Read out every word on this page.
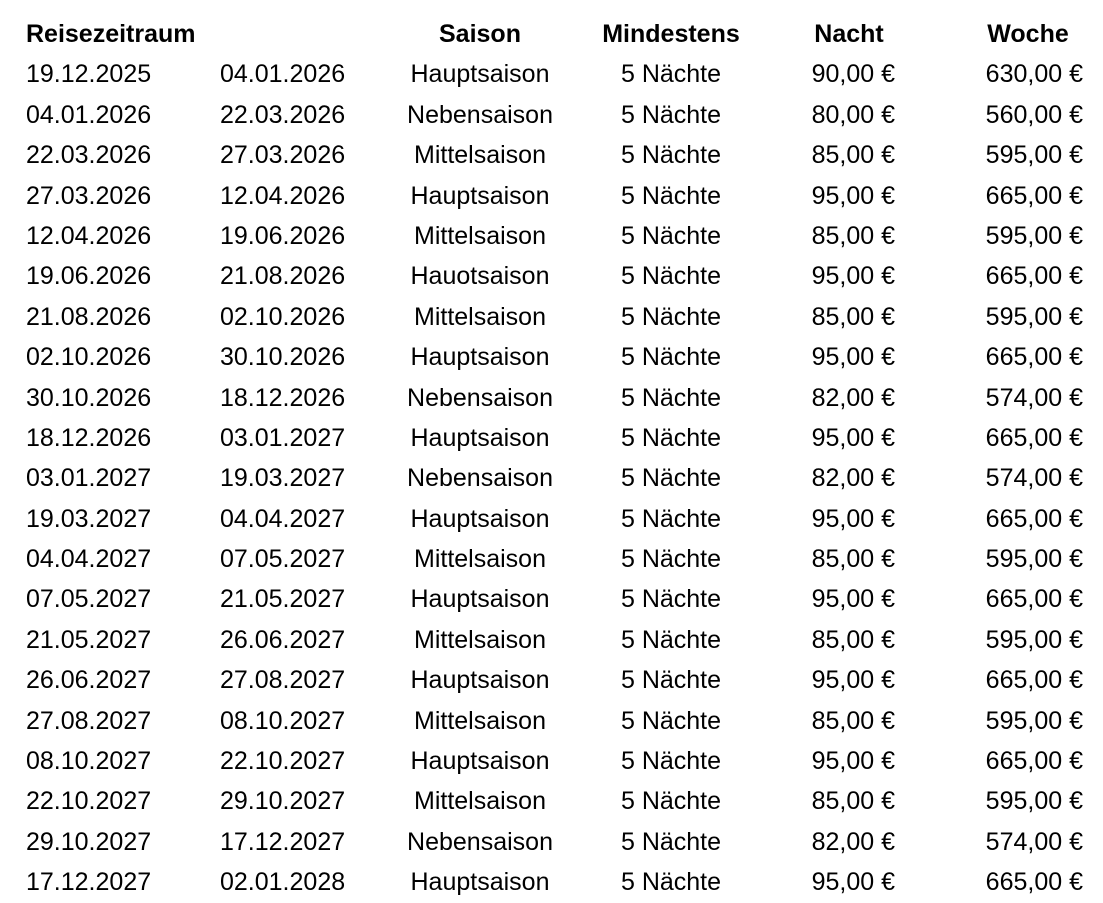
Reisezeitraum	Saison	Mindestens	Nacht	Woche
19.12.2025	04.01.2026	Hauptsaison	5 Nächte	90,00 €	630,00 €
04.01.2026	22.03.2026	Nebensaison	5 Nächte	80,00 €	560,00 €
22.03.2026	27.03.2026	Mittelsaison	5 Nächte	85,00 €	595,00 €
27.03.2026	12.04.2026	Hauptsaison	5 Nächte	95,00 €	665,00 €
12.04.2026	19.06.2026	Mittelsaison	5 Nächte	85,00 €	595,00 €
19.06.2026	21.08.2026	Hauotsaison	5 Nächte	95,00 €	665,00 €
21.08.2026	02.10.2026	Mittelsaison	5 Nächte	85,00 €	595,00 €
02.10.2026	30.10.2026	Hauptsaison	5 Nächte	95,00 €	665,00 €
30.10.2026	18.12.2026	Nebensaison	5 Nächte	82,00 €	574,00 €
18.12.2026	03.01.2027	Hauptsaison	5 Nächte	95,00 €	665,00 €
03.01.2027	19.03.2027	Nebensaison	5 Nächte	82,00 €	574,00 €
19.03.2027	04.04.2027	Hauptsaison	5 Nächte	95,00 €	665,00 €
04.04.2027	07.05.2027	Mittelsaison	5 Nächte	85,00 €	595,00 €
07.05.2027	21.05.2027	Hauptsaison	5 Nächte	95,00 €	665,00 €
21.05.2027	26.06.2027	Mittelsaison	5 Nächte	85,00 €	595,00 €
26.06.2027	27.08.2027	Hauptsaison	5 Nächte	95,00 €	665,00 €
27.08.2027	08.10.2027	Mittelsaison	5 Nächte	85,00 €	595,00 €
08.10.2027	22.10.2027	Hauptsaison	5 Nächte	95,00 €	665,00 €
22.10.2027	29.10.2027	Mittelsaison	5 Nächte	85,00 €	595,00 €
29.10.2027	17.12.2027	Nebensaison	5 Nächte	82,00 €	574,00 €
17.12.2027	02.01.2028	Hauptsaison	5 Nächte	95,00 €	665,00 €
